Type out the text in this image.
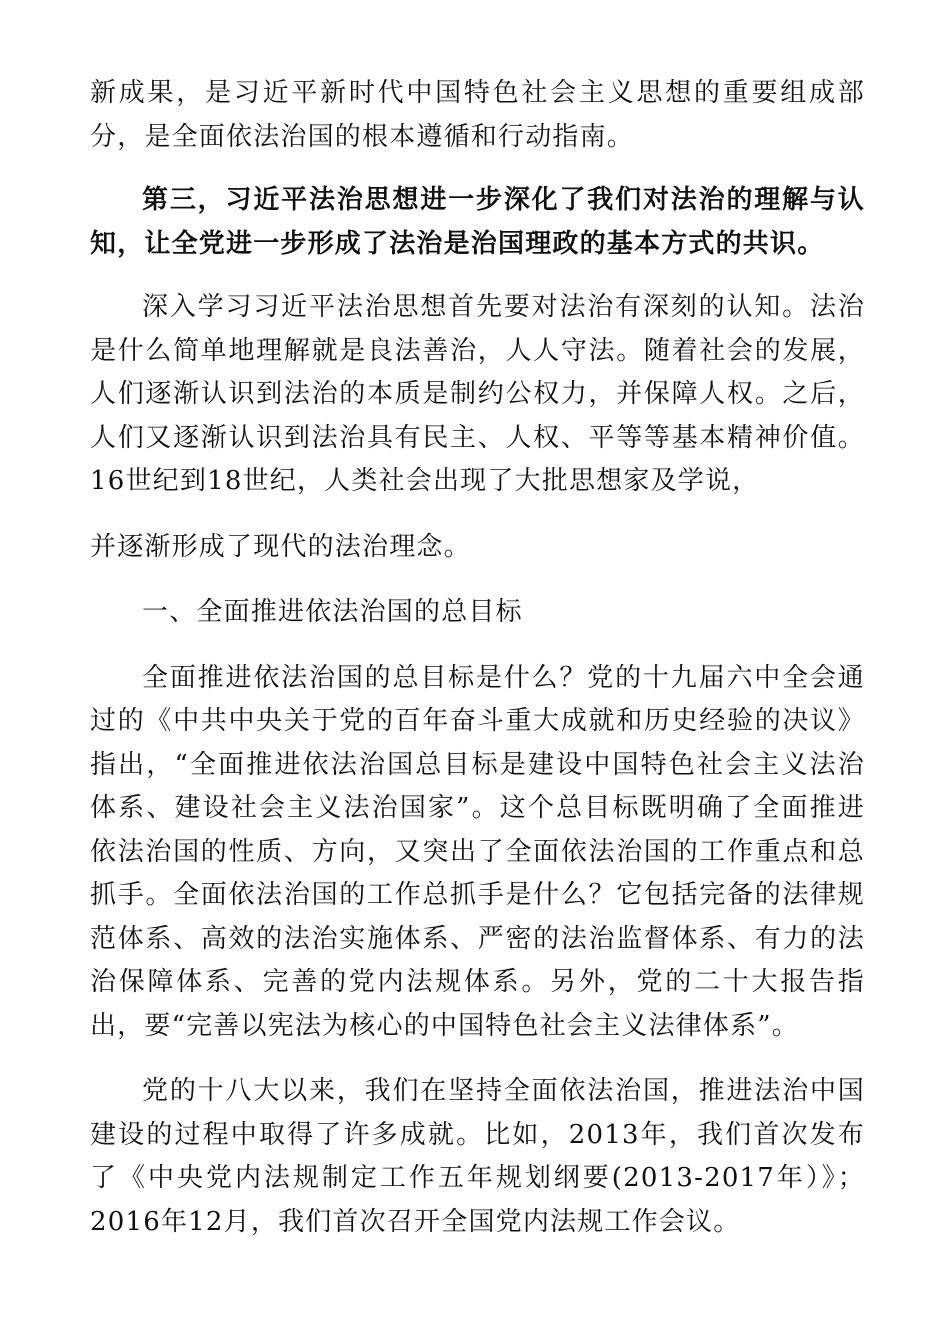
新成果，是习近平新时代中国特色社会主义思想的重要组成部分，是全面依法治国的根本遵循和行动指南。

第三，习近平法治思想进一步深化了我们对法治的理解与认知，让全党进一步形成了法治是治国理政的基本方式的共识。

深入学习习近平法治思想首先要对法治有深刻的认知。法治是什么简单地理解就是良法善治，人人守法。随着社会的发展，人们逐渐认识到法治的本质是制约公权力，并保障人权。之后，人们又逐渐认识到法治具有民主、人权、平等等基本精神价值。16世纪到18世纪，人类社会出现了大批思想家及学说，

并逐渐形成了现代的法治理念。

一、全面推进依法治国的总目标

全面推进依法治国的总目标是什么？党的十九届六中全会通过的《中共中央关于党的百年奋斗重大成就和历史经验的决议》指出，“全面推进依法治国总目标是建设中国特色社会主义法治体系、建设社会主义法治国家”。这个总目标既明确了全面推进依法治国的性质、方向，又突出了全面依法治国的工作重点和总抓手。全面依法治国的工作总抓手是什么？它包括完备的法律规范体系、高效的法治实施体系、严密的法治监督体系、有力的法治保障体系、完善的党内法规体系。另外，党的二十大报告指出，要“完善以宪法为核心的中国特色社会主义法律体系”。

党的十八大以来，我们在坚持全面依法治国，推进法治中国建设的过程中取得了许多成就。比如，2013年，我们首次发布了《中央党内法规制定工作五年规划纲要(2013-2017年）》；2016年12月，我们首次召开全国党内法规工作会议。
